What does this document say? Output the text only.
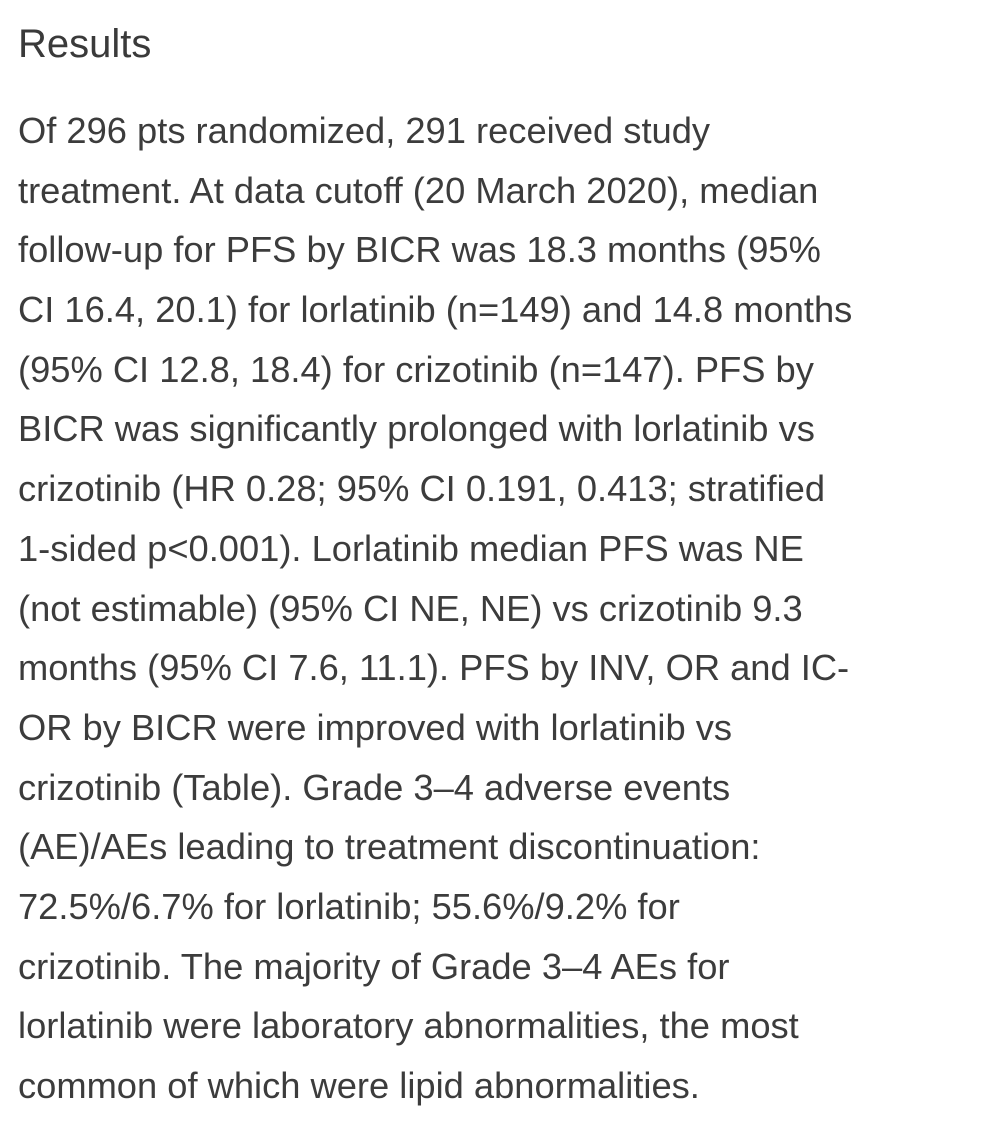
Results
Of 296 pts randomized, 291 received study
treatment. At data cutoff (20 March 2020), median
follow-up for PFS by BICR was 18.3 months (95%
CI 16.4, 20.1) for lorlatinib (n=149) and 14.8 months
(95% CI 12.8, 18.4) for crizotinib (n=147). PFS by
BICR was significantly prolonged with lorlatinib vs
crizotinib (HR 0.28; 95% CI 0.191, 0.413; stratified
1-sided p<0.001). Lorlatinib median PFS was NE
(not estimable) (95% CI NE, NE) vs crizotinib 9.3
months (95% CI 7.6, 11.1). PFS by INV, OR and IC-
OR by BICR were improved with lorlatinib vs
crizotinib (Table). Grade 3–4 adverse events
(AE)/AEs leading to treatment discontinuation:
72.5%/6.7% for lorlatinib; 55.6%/9.2% for
crizotinib. The majority of Grade 3–4 AEs for
lorlatinib were laboratory abnormalities, the most
common of which were lipid abnormalities.
